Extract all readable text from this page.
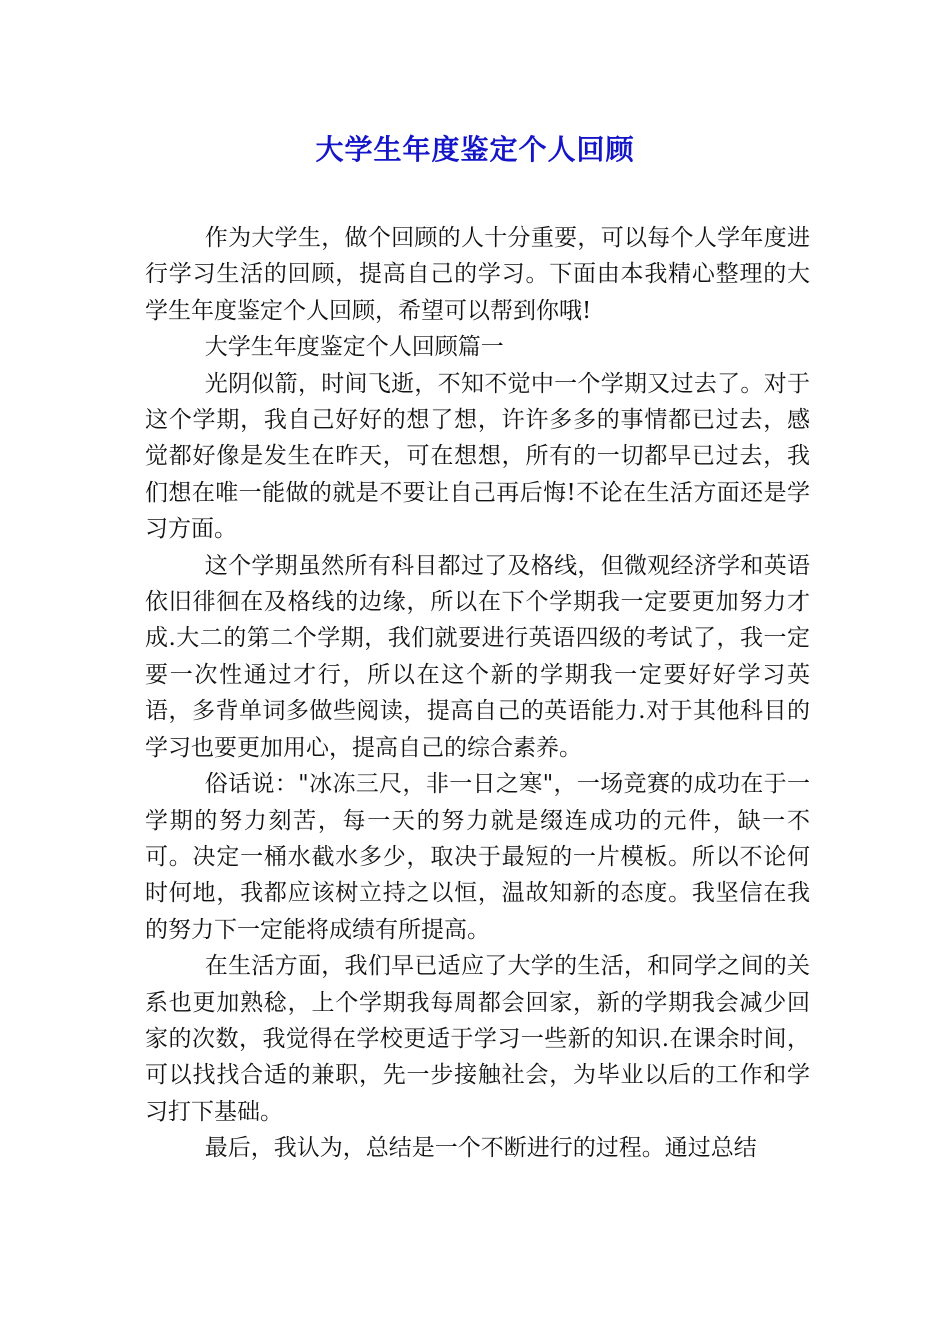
大学生年度鉴定个人回顾

作为大学生，做个回顾的人十分重要，可以每个人学年度进行学习生活的回顾，提高自己的学习。下面由本我精心整理的大学生年度鉴定个人回顾，希望可以帮到你哦!

大学生年度鉴定个人回顾篇一

光阴似箭，时间飞逝，不知不觉中一个学期又过去了。对于这个学期，我自己好好的想了想，许许多多的事情都已过去，感觉都好像是发生在昨天，可在想想，所有的一切都早已过去，我们想在唯一能做的就是不要让自己再后悔!不论在生活方面还是学习方面。

这个学期虽然所有科目都过了及格线，但微观经济学和英语依旧徘徊在及格线的边缘，所以在下个学期我一定要更加努力才成.大二的第二个学期，我们就要进行英语四级的考试了，我一定要一次性通过才行，所以在这个新的学期我一定要好好学习英语，多背单词多做些阅读，提高自己的英语能力.对于其他科目的学习也要更加用心，提高自己的综合素养。

俗话说："冰冻三尺，非一日之寒"，一场竞赛的成功在于一学期的努力刻苦，每一天的努力就是缀连成功的元件，缺一不可。决定一桶水截水多少，取决于最短的一片模板。所以不论何时何地，我都应该树立持之以恒，温故知新的态度。我坚信在我的努力下一定能将成绩有所提高。

在生活方面，我们早已适应了大学的生活，和同学之间的关系也更加熟稔，上个学期我每周都会回家，新的学期我会减少回家的次数，我觉得在学校更适于学习一些新的知识.在课余时间，可以找找合适的兼职，先一步接触社会，为毕业以后的工作和学习打下基础。

最后，我认为，总结是一个不断进行的过程。通过总结
